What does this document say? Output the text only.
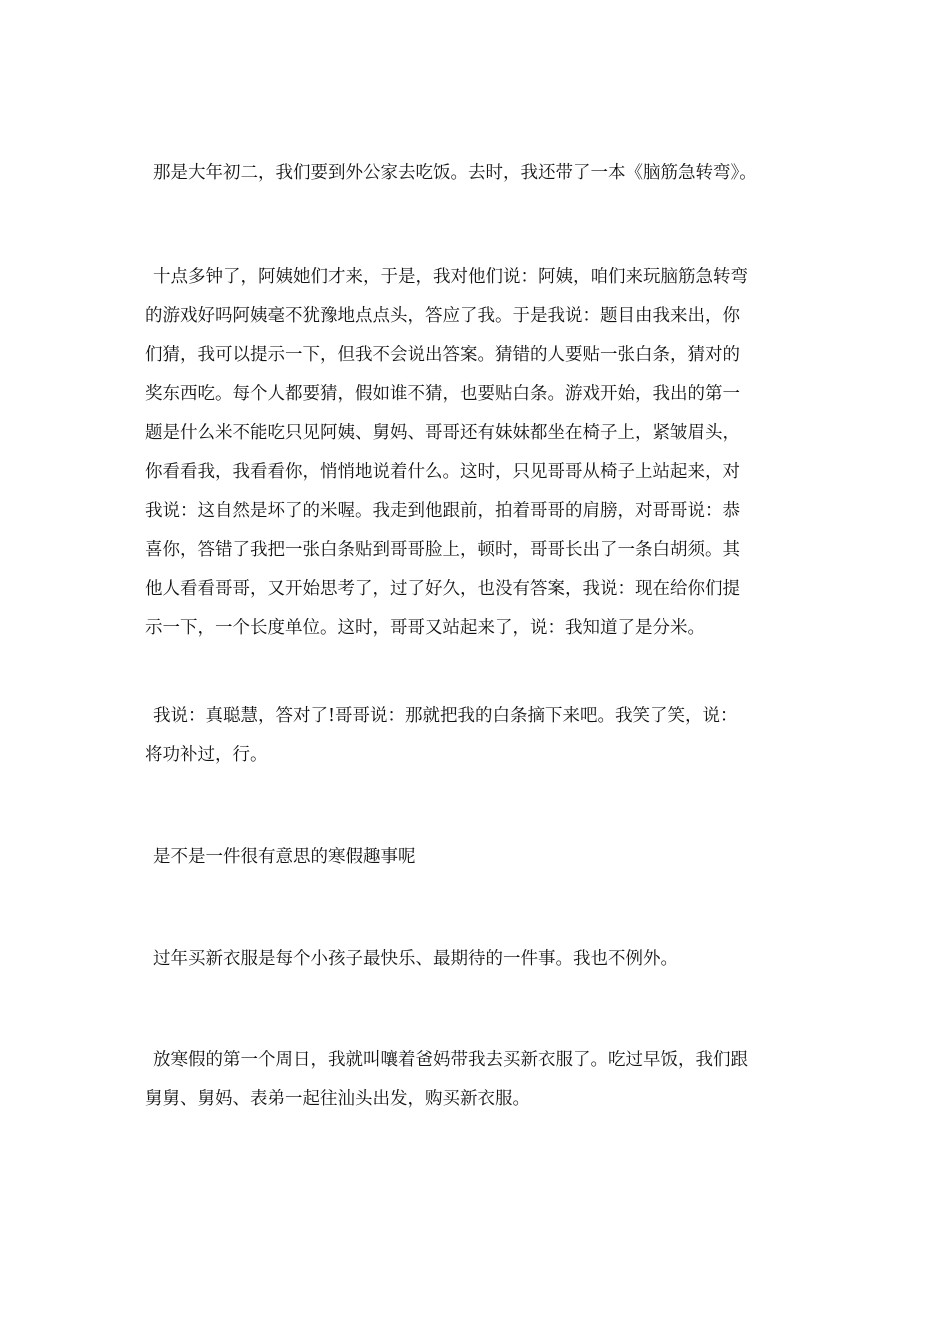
那是大年初二，我们要到外公家去吃饭。去时，我还带了一本《脑筋急转弯》。

十点多钟了，阿姨她们才来，于是，我对他们说：阿姨，咱们来玩脑筋急转弯
的游戏好吗阿姨毫不犹豫地点点头，答应了我。于是我说：题目由我来出，你
们猜，我可以提示一下，但我不会说出答案。猜错的人要贴一张白条，猜对的
奖东西吃。每个人都要猜，假如谁不猜，也要贴白条。游戏开始，我出的第一
题是什么米不能吃只见阿姨、舅妈、哥哥还有妹妹都坐在椅子上，紧皱眉头，
你看看我，我看看你，悄悄地说着什么。这时，只见哥哥从椅子上站起来，对
我说：这自然是坏了的米喔。我走到他跟前，拍着哥哥的肩膀，对哥哥说：恭
喜你，答错了我把一张白条贴到哥哥脸上，顿时，哥哥长出了一条白胡须。其
他人看看哥哥，又开始思考了，过了好久，也没有答案，我说：现在给你们提
示一下，一个长度单位。这时，哥哥又站起来了，说：我知道了是分米。

我说：真聪慧，答对了!哥哥说：那就把我的白条摘下来吧。我笑了笑，说：
将功补过，行。

是不是一件很有意思的寒假趣事呢

过年买新衣服是每个小孩子最快乐、最期待的一件事。我也不例外。

放寒假的第一个周日，我就叫嚷着爸妈带我去买新衣服了。吃过早饭，我们跟
舅舅、舅妈、表弟一起往汕头出发，购买新衣服。
